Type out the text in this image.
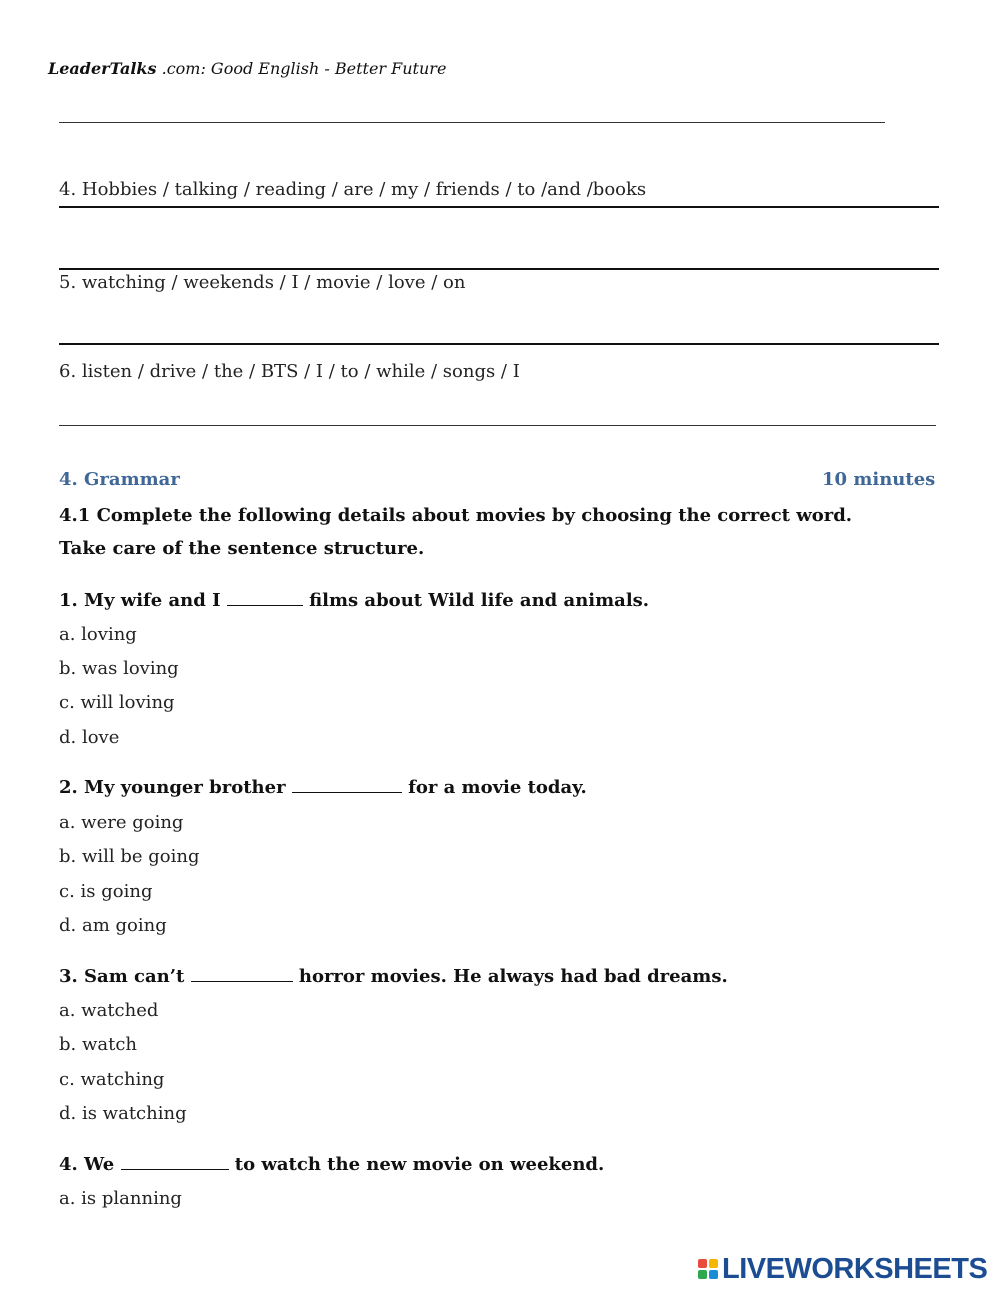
LeaderTalks .com: Good English - Better Future
4. Hobbies / talking / reading / are / my / friends / to /and /books
5. watching / weekends / I / movie / love / on
6. listen / drive / the / BTS / I / to / while / songs / I
4. Grammar	10 minutes
4.1 Complete the following details about movies by choosing the correct word.
Take care of the sentence structure.
1. My wife and I	films about Wild life and animals.
a. loving
b. was loving
c. will loving
d. love
2. My younger brother	for a movie today.
a. were going
b. will be going
c. is going
d. am going
3. Sam can’t	horror movies. He always had bad dreams.
a. watched
b. watch
c. watching
d. is watching
4. We	to watch the new movie on weekend.
a. is planning
LIVEWORKSHEETS
